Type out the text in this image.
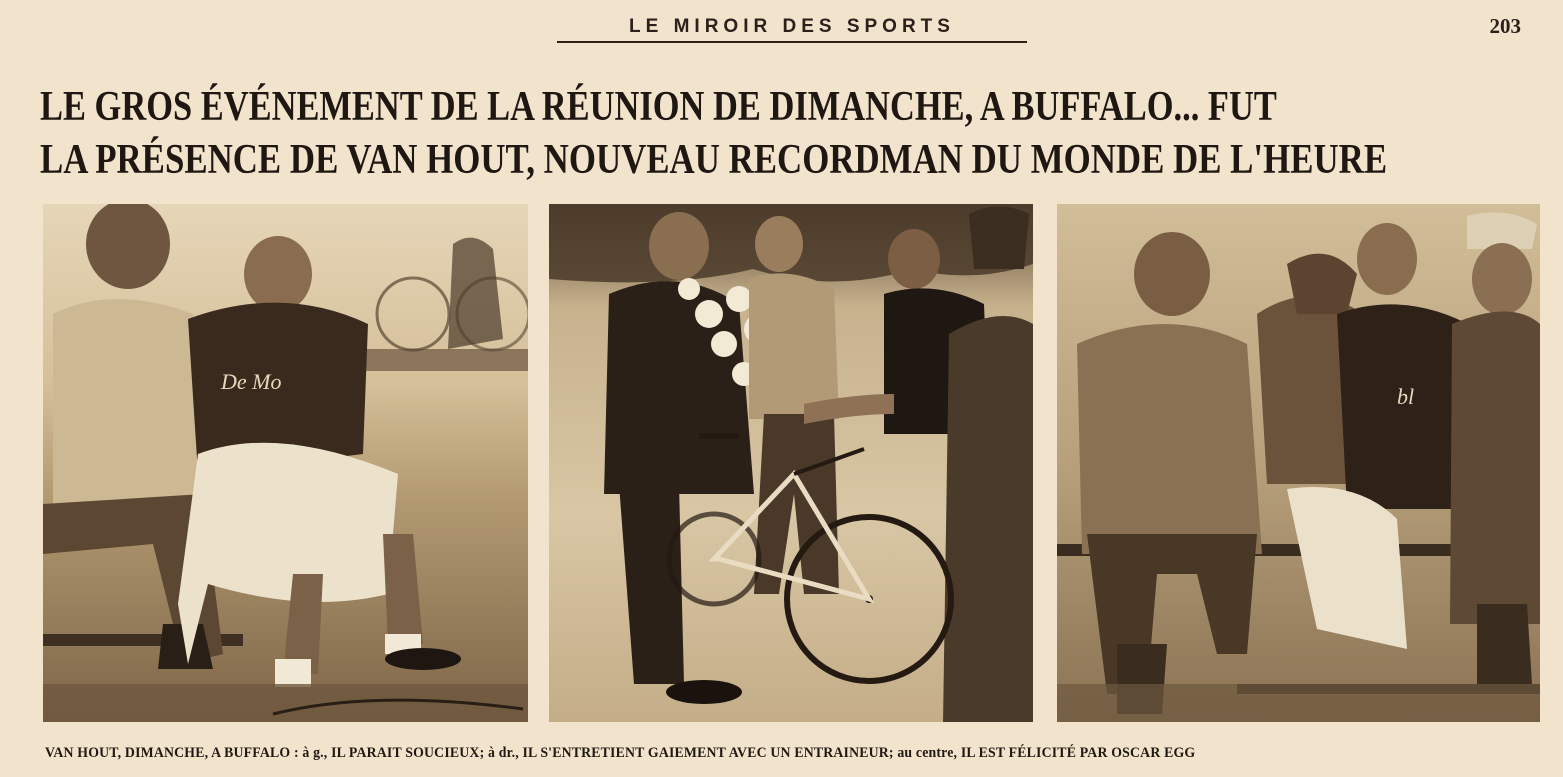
LE MIROIR DES SPORTS	203
LE GROS ÉVÉNEMENT DE LA RÉUNION DE DIMANCHE, A BUFFALO... FUT
LA PRÉSENCE DE VAN HOUT, NOUVEAU RECORDMAN DU MONDE DE L'HEURE
De Mo
bl
VAN HOUT, DIMANCHE, A BUFFALO : à g., IL PARAIT SOUCIEUX; à dr., IL S'ENTRETIENT GAIEMENT AVEC UN ENTRAINEUR; au centre, IL EST FÉLICITÉ PAR OSCAR EGG
